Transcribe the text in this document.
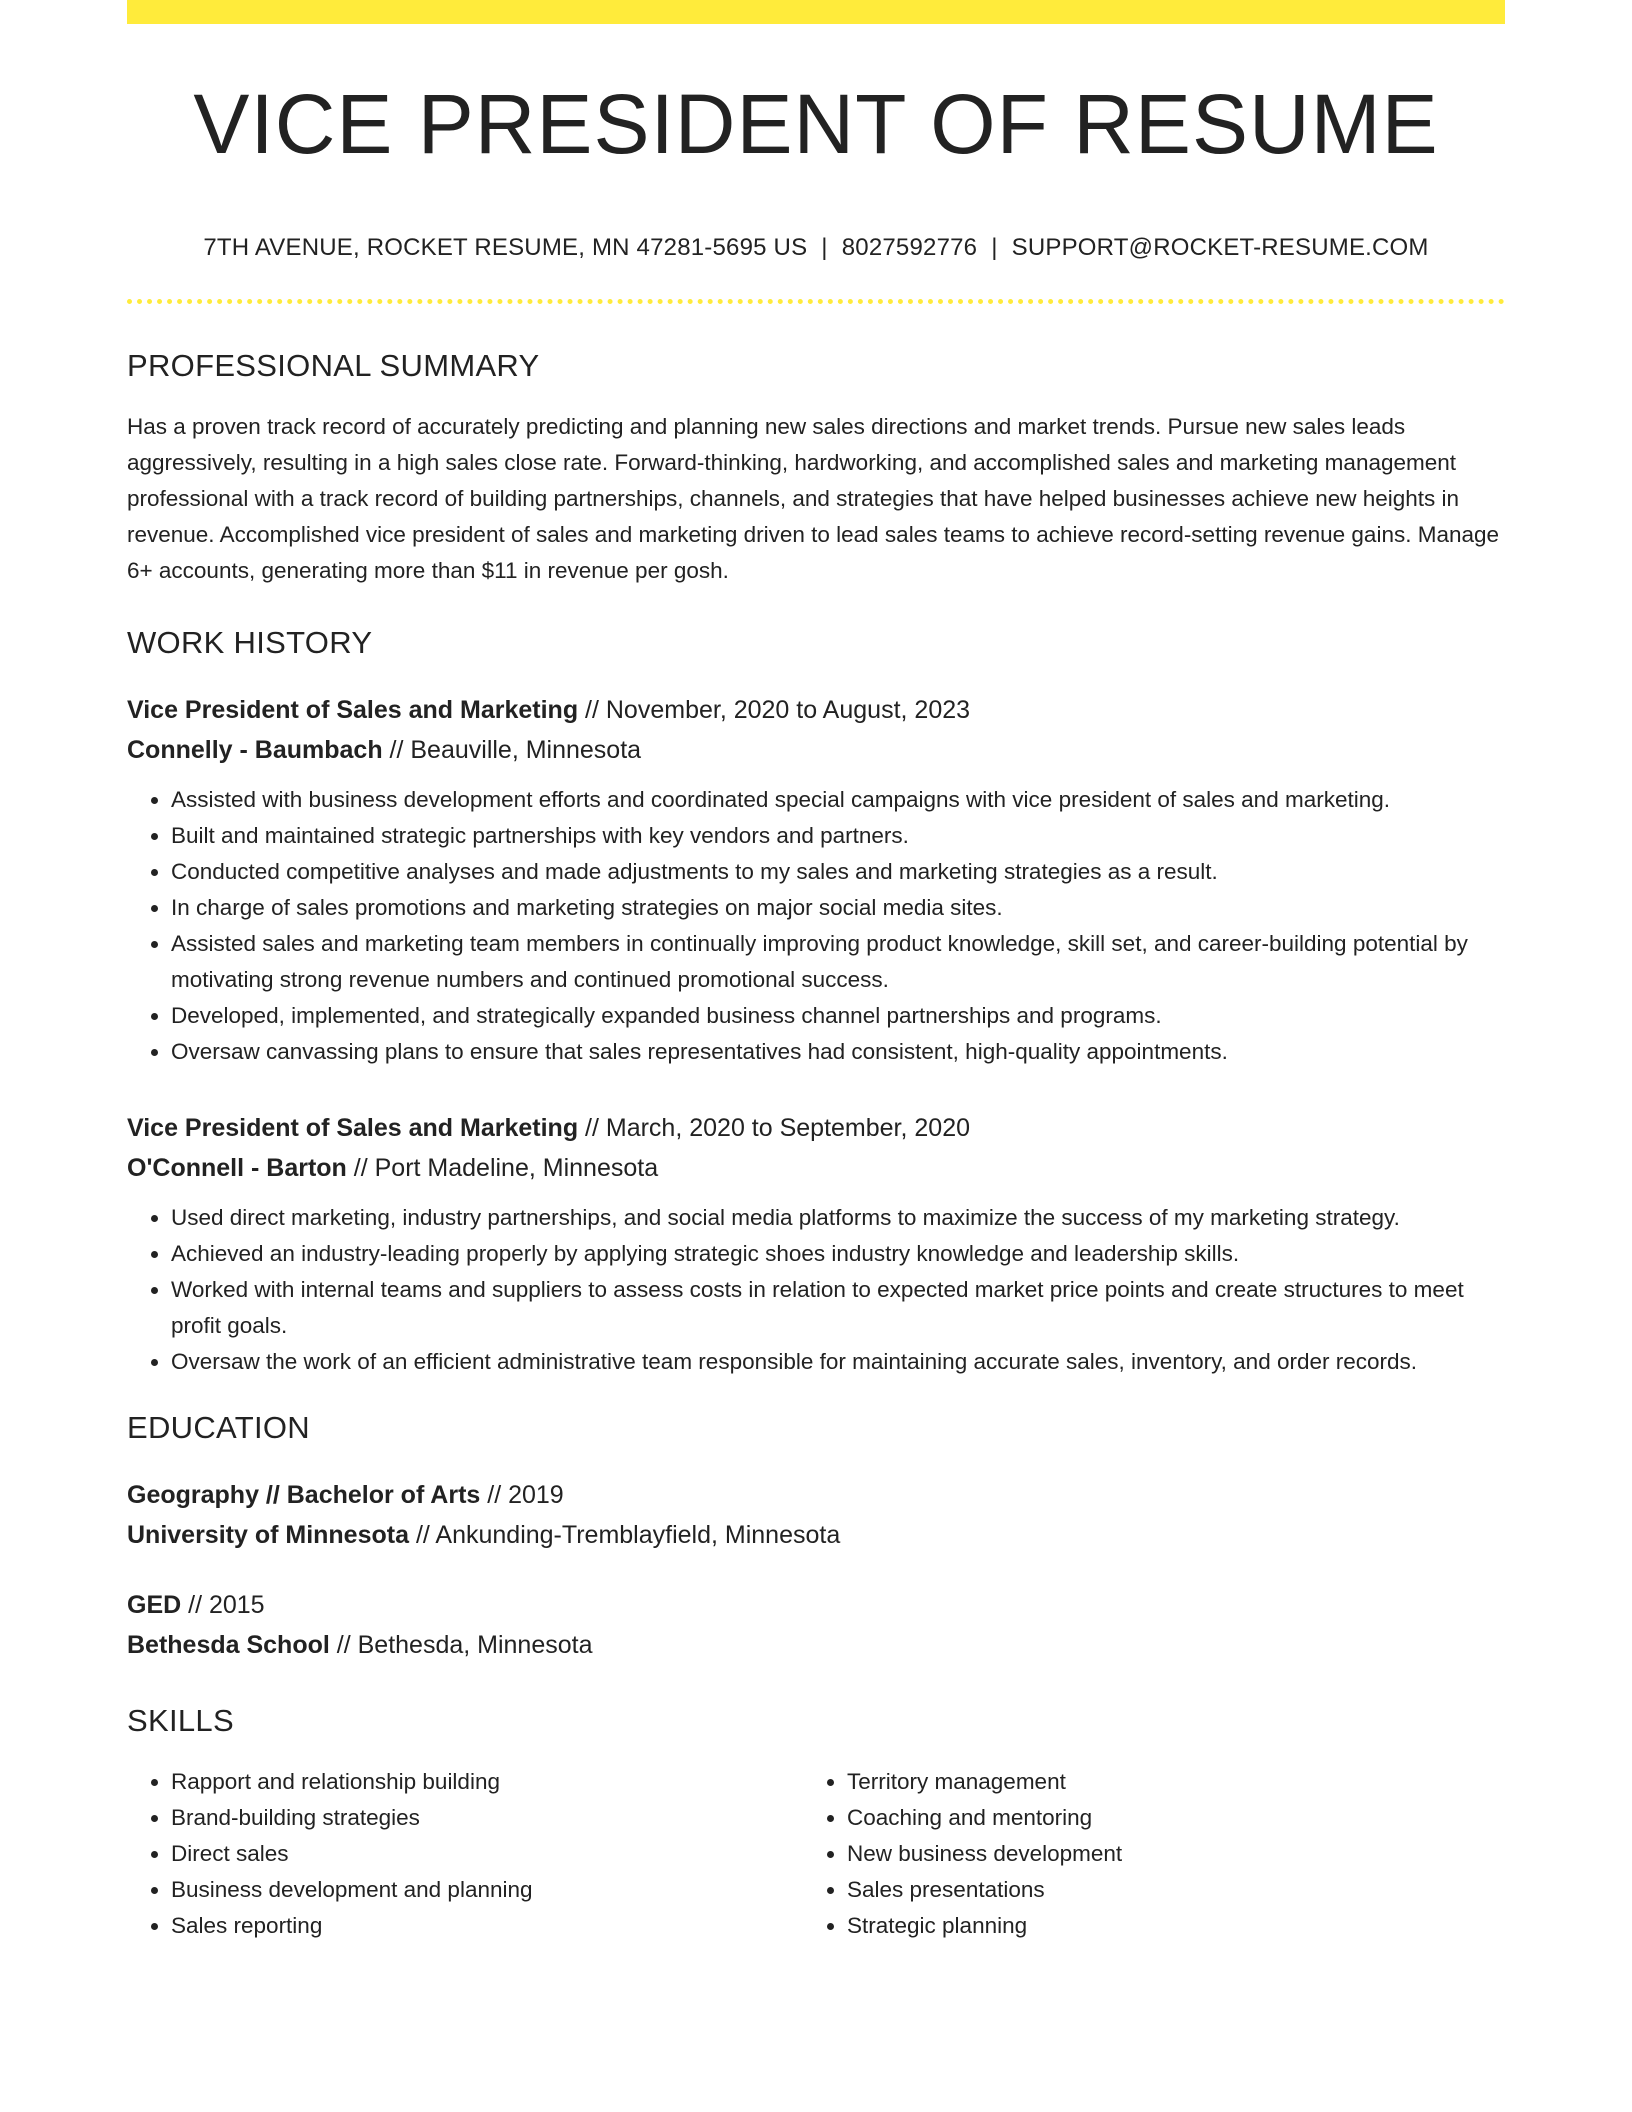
VICE PRESIDENT OF RESUME
7TH AVENUE, ROCKET RESUME, MN 47281-5695 US | 8027592776 | SUPPORT@ROCKET-RESUME.COM
PROFESSIONAL SUMMARY
Has a proven track record of accurately predicting and planning new sales directions and market trends. Pursue new sales leads aggressively, resulting in a high sales close rate. Forward-thinking, hardworking, and accomplished sales and marketing management professional with a track record of building partnerships, channels, and strategies that have helped businesses achieve new heights in revenue. Accomplished vice president of sales and marketing driven to lead sales teams to achieve record-setting revenue gains. Manage 6+ accounts, generating more than $11 in revenue per gosh.
WORK HISTORY
Vice President of Sales and Marketing // November, 2020 to August, 2023
Connelly - Baumbach // Beauville, Minnesota
• Assisted with business development efforts and coordinated special campaigns with vice president of sales and marketing.
• Built and maintained strategic partnerships with key vendors and partners.
• Conducted competitive analyses and made adjustments to my sales and marketing strategies as a result.
• In charge of sales promotions and marketing strategies on major social media sites.
• Assisted sales and marketing team members in continually improving product knowledge, skill set, and career-building potential by motivating strong revenue numbers and continued promotional success.
• Developed, implemented, and strategically expanded business channel partnerships and programs.
• Oversaw canvassing plans to ensure that sales representatives had consistent, high-quality appointments.
Vice President of Sales and Marketing // March, 2020 to September, 2020
O'Connell - Barton // Port Madeline, Minnesota
• Used direct marketing, industry partnerships, and social media platforms to maximize the success of my marketing strategy.
• Achieved an industry-leading properly by applying strategic shoes industry knowledge and leadership skills.
• Worked with internal teams and suppliers to assess costs in relation to expected market price points and create structures to meet profit goals.
• Oversaw the work of an efficient administrative team responsible for maintaining accurate sales, inventory, and order records.
EDUCATION
Geography // Bachelor of Arts // 2019
University of Minnesota // Ankunding-Tremblayfield, Minnesota
GED // 2015
Bethesda School // Bethesda, Minnesota
SKILLS
• Rapport and relationship building
• Brand-building strategies
• Direct sales
• Business development and planning
• Sales reporting
• Territory management
• Coaching and mentoring
• New business development
• Sales presentations
• Strategic planning
